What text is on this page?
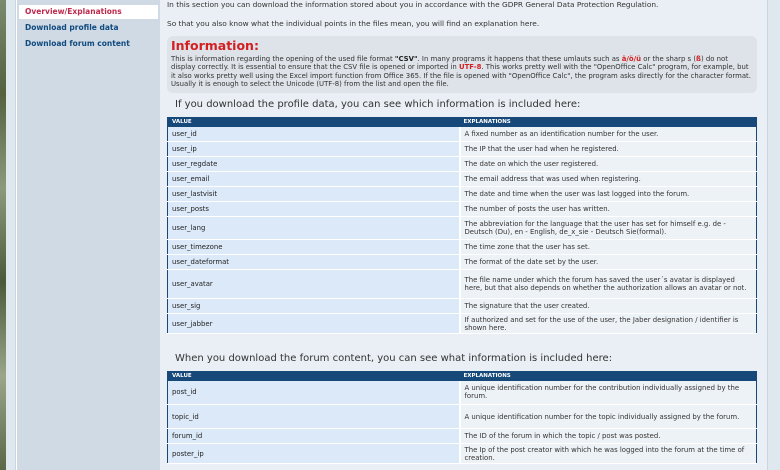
Overview/Explanations
Download profile data
Download forum content
In this section you can download the information stored about you in accordance with the GDPR General Data Protection Regulation.
So that you also know what the individual points in the files mean, you will find an explanation here.
Information:
This is information regarding the opening of the used file format "CSV". In many programs it happens that these umlauts such as ä/ö/ü or the sharp s (ß) do not display correctly. It is essential to ensure that the CSV file is opened or imported in UTF-8. This works pretty well with the "OpenOffice Calc" program, for example, but it also works pretty well using the Excel import function from Office 365. If the file is opened with "OpenOffice Calc", the program asks directly for the character format. Usually it is enough to select the Unicode (UTF-8) from the list and open the file.
If you download the profile data, you can see which information is included here:
VALUE	EXPLANATIONS
user_id	A fixed number as an identification number for the user.
user_ip	The IP that the user had when he registered.
user_regdate	The date on which the user registered.
user_email	The email address that was used when registering.
user_lastvisit	The date and time when the user was last logged into the forum.
user_posts	The number of posts the user has written.
user_lang	The abbreviation for the language that the user has set for himself e.g. de - Deutsch (Du), en - English, de_x_sie - Deutsch Sie(formal).
user_timezone	The time zone that the user has set.
user_dateformat	The format of the date set by the user.
user_avatar	The file name under which the forum has saved the user´s avatar is displayed here, but that also depends on whether the authorization allows an avatar or not.
user_sig	The signature that the user created.
user_jabber	If authorized and set for the use of the user, the Jaber designation / identifier is shown here.
When you download the forum content, you can see what information is included here:
VALUE	EXPLANATIONS
post_id	A unique identification number for the contribution individually assigned by the forum.
topic_id	A unique identification number for the topic individually assigned by the forum.
forum_id	The ID of the forum in which the topic / post was posted.
poster_ip	The Ip of the post creator with which he was logged into the forum at the time of creation.
